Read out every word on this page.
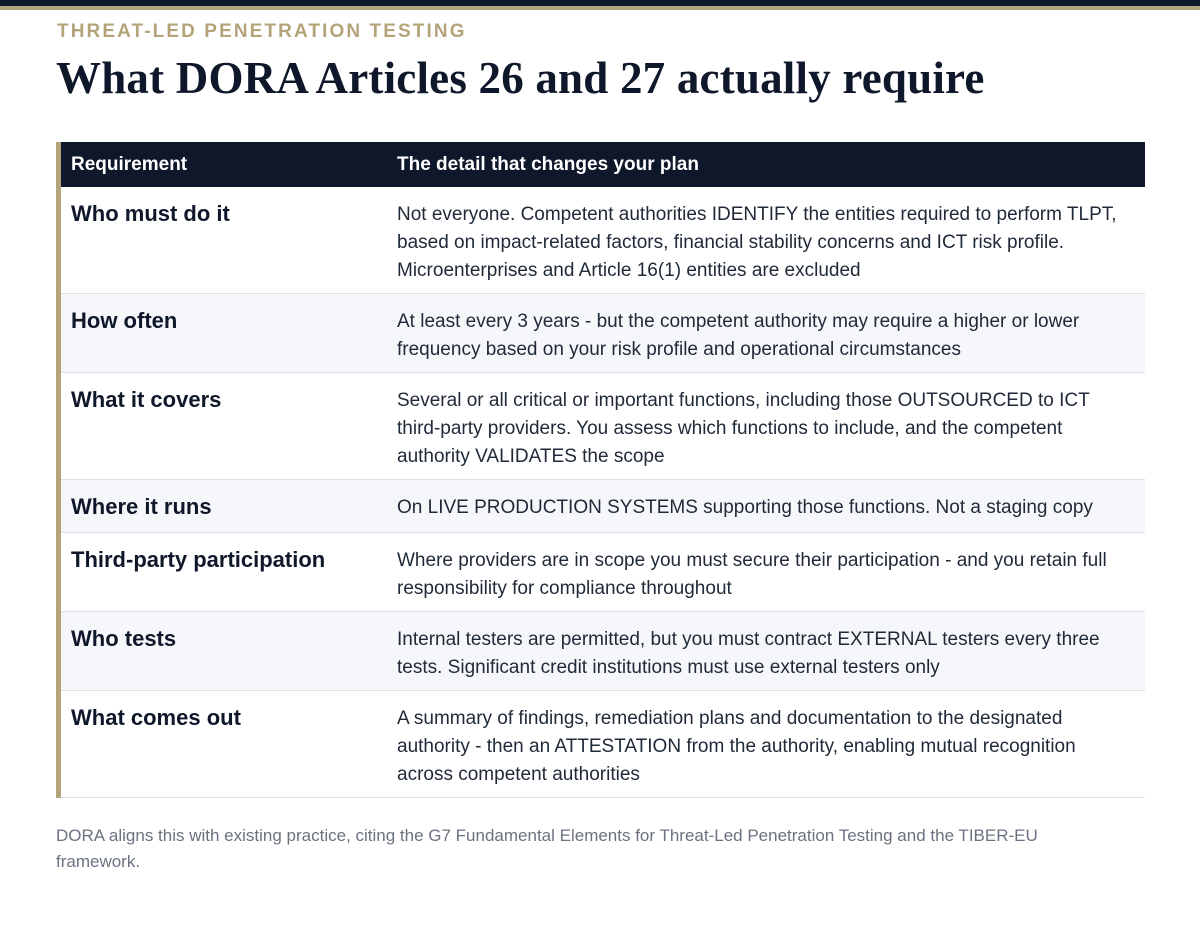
THREAT-LED PENETRATION TESTING
What DORA Articles 26 and 27 actually require
Requirement	The detail that changes your plan
Who must do it	Not everyone. Competent authorities IDENTIFY the entities required to perform TLPT, based on impact-related factors, financial stability concerns and ICT risk profile. Microenterprises and Article 16(1) entities are excluded
How often	At least every 3 years - but the competent authority may require a higher or lower frequency based on your risk profile and operational circumstances
What it covers	Several or all critical or important functions, including those OUTSOURCED to ICT third-party providers. You assess which functions to include, and the competent authority VALIDATES the scope
Where it runs	On LIVE PRODUCTION SYSTEMS supporting those functions. Not a staging copy
Third-party participation	Where providers are in scope you must secure their participation - and you retain full responsibility for compliance throughout
Who tests	Internal testers are permitted, but you must contract EXTERNAL testers every three tests. Significant credit institutions must use external testers only
What comes out	A summary of findings, remediation plans and documentation to the designated authority - then an ATTESTATION from the authority, enabling mutual recognition across competent authorities
DORA aligns this with existing practice, citing the G7 Fundamental Elements for Threat-Led Penetration Testing and the TIBER-EU framework.
